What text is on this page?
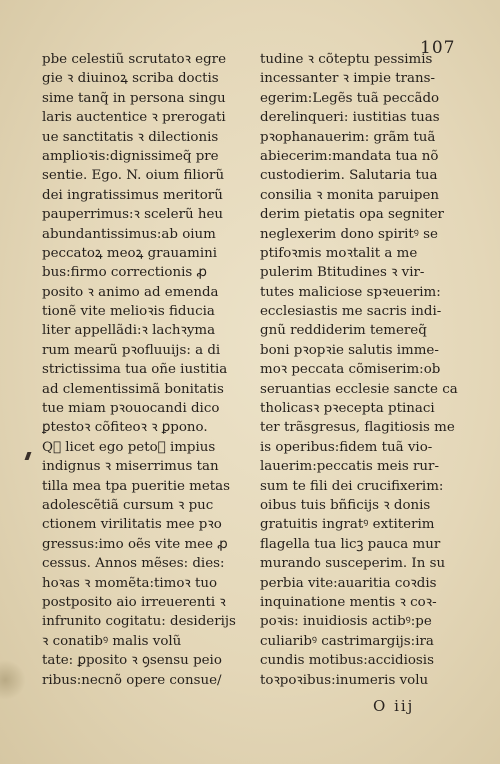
107
pbe celestiũ scrutatoꝛ egre
gie ꝛ diuinoꝝ scriba doctis
sime tanq̃ in persona singu
laris auctentice ꝛ prerogati
ue sanctitatis ꝛ dilectionis
amplioꝛis:dignissimeq̃ pre
sentie. Ego. N. oium filiorũ
dei ingratissimus meritorũ
pauperrimus:ꝛ scelerũ heu
abundantissimus:ab oium
peccatoꝝ meoꝝ grauamini
bus:firmo correctionis ꝓ
posito ꝛ animo ad emenda
tionẽ vite melioꝛis fiducia
liter appellãdi:ꝛ lachꝛyma
rum mearũ pꝛofluuijs: a di
strictissima tua oñe iustitia
ad clementissimã bonitatis
tue miam pꝛouocandi dico
ꝑtestoꝛ cõfiteoꝛ ꝛ ꝑpono.
Qᷓ licet ego petoꝛ impius
indignus ꝛ miserrimus tan
tilla mea tpa pueritie metas
adolescẽtiã cursum ꝛ puc
ctionem virilitatis mee pꝛo
gressus:imo oẽs vite mee ꝓ
cessus. Annos mẽses: dies:
hoꝛas ꝛ momẽta:timoꝛ tuo
postposito aio irreuerenti ꝛ
infrunito cogitatu: desiderijs
ꝛ conatibꝰ malis volũ
tate: ꝑposito ꝛ ꝯsensu peio
ribus:necnõ opere consue/
tudine ꝛ cõteptu pessimis
incessanter ꝛ impie trans-
egerim:Legẽs tuã peccãdo
derelinqueri: iustitias tuas
pꝛophanauerim: grãm tuã
abiecerim:mandata tua nõ
custodierim. Salutaria tua
consilia ꝛ monita paruipen
derim pietatis opa segniter
neglexerim dono spiritꝰ se
ptifoꝛmis moꝛtalit a me
pulerim Btitudines ꝛ vir-
tutes maliciose spꝛeuerim:
ecclesiastis me sacris indi-
gnũ reddiderim temereq̃
boni pꝛopꝛie salutis imme-
moꝛ peccata cõmiserim:ob
seruantias ecclesie sancte ca
tholicasꝛ pꝛecepta ptinaci
ter trãsgresus, flagitiosis me
is operibus:fidem tuã vio-
lauerim:peccatis meis rur-
sum te fili dei crucifixerim:
oibus tuis bñficijs ꝛ donis
gratuitis ingratꝰ extiterim
flagella tua licꝫ pauca mur
murando susceperim. In su
perbia vite:auaritia coꝛdis
inquinatione mentis ꝛ coꝛ-
poꝛis: inuidiosis actibꝰ:pe
culiaribꝰ castrimargijs:ira
cundis motibus:accidiosis
toꝛpoꝛibus:inumeris volu
O iij
